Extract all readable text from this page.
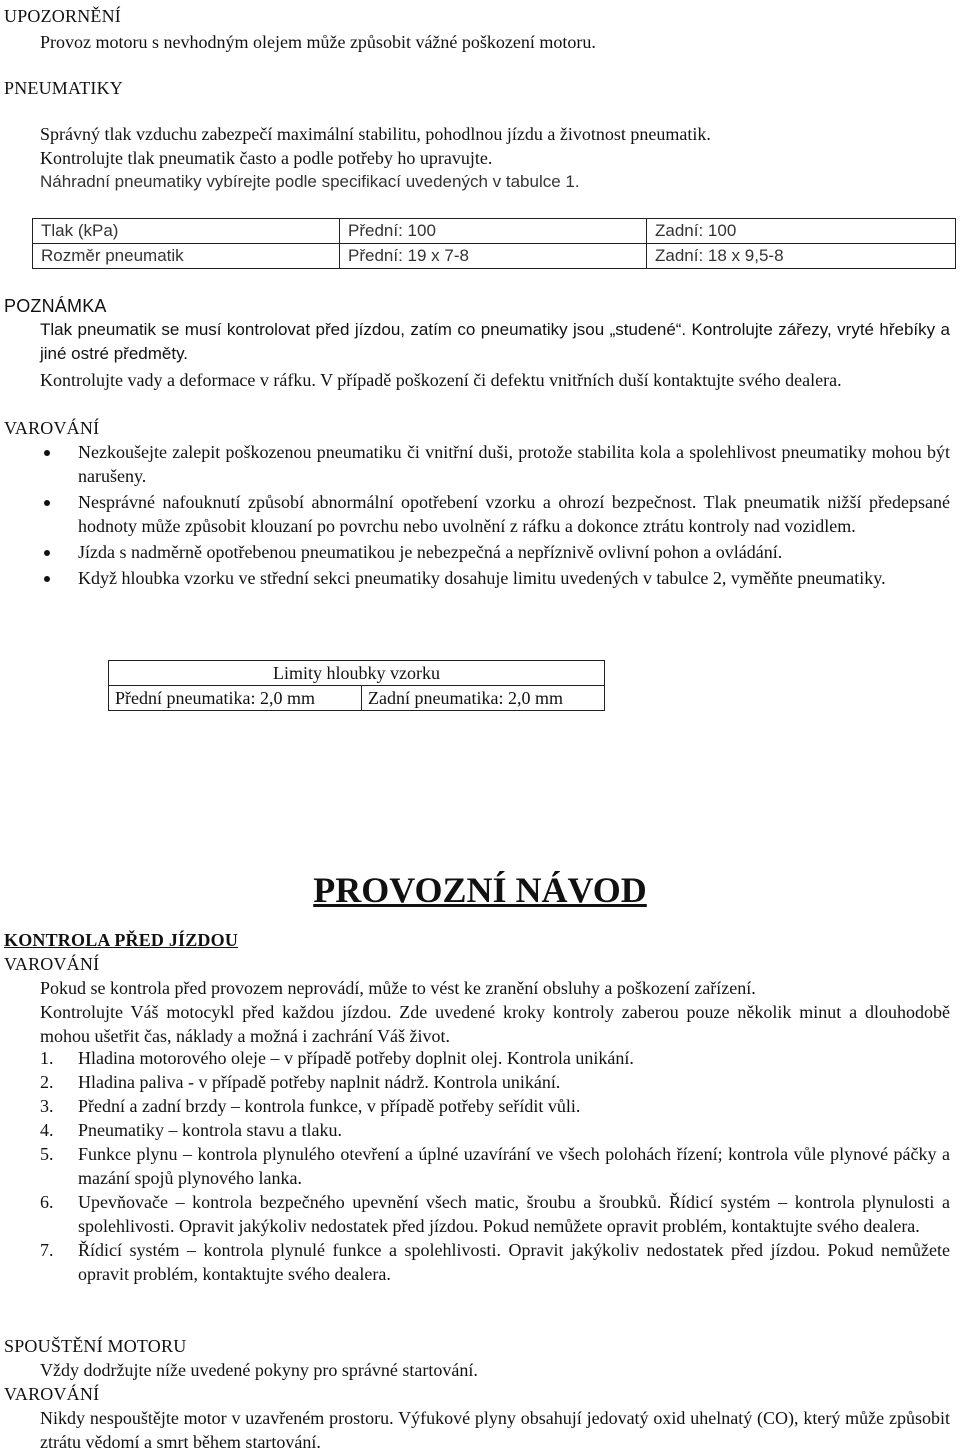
UPOZORNĚNÍ

Provoz motoru s nevhodným olejem může způsobit vážné poškození motoru.

PNEUMATIKY
Správný tlak vzduchu zabezpečí maximální stabilitu, pohodlnou jízdu a životnost pneumatik.
Kontrolujte tlak pneumatik často a podle potřeby ho upravujte.
Náhradní pneumatiky vybírejte podle specifikací uvedených v tabulce 1.
Tlak (kPa)	Přední: 100	Zadní: 100
Rozměr pneumatik	Přední: 19 x 7-8	Zadní: 18 x 9,5-8
POZNÁMKA

Tlak pneumatik se musí kontrolovat před jízdou, zatím co pneumatiky jsou „studené“. Kontrolujte zářezy, vryté hřebíky a jiné ostré předměty.

Kontrolujte vady a deformace v ráfku. V případě poškození či defektu vnitřních duší kontaktujte svého dealera.

VAROVÁNÍ
Nezkoušejte zalepit poškozenou pneumatiku či vnitřní duši, protože stabilita kola a spolehlivost pneumatiky mohou být narušeny.
Nesprávné nafouknutí způsobí abnormální opotřebení vzorku a ohrozí bezpečnost. Tlak pneumatik nižší předepsané hodnoty může způsobit klouzaní po povrchu nebo uvolnění z ráfku a dokonce ztrátu kontroly nad vozidlem.
Jízda s nadměrně opotřebenou pneumatikou je nebezpečná a nepříznivě ovlivní pohon a ovládání.
Když hloubka vzorku ve střední sekci pneumatiky dosahuje limitu uvedených v tabulce 2, vyměňte pneumatiky.
Limity hloubky vzorku
Přední pneumatika: 2,0 mm	Zadní pneumatika: 2,0 mm
PROVOZNÍ NÁVOD
KONTROLA PŘED JÍZDOU
VAROVÁNÍ

Pokud se kontrola před provozem neprovádí, může to vést ke zranění obsluhy a poškození zařízení.

Kontrolujte Váš motocykl před každou jízdou. Zde uvedené kroky kontroly zaberou pouze několik minut a dlouhodobě mohou ušetřit čas, náklady a možná i zachrání Váš život.

1. Hladina motorového oleje – v případě potřeby doplnit olej. Kontrola unikání.
2. Hladina paliva - v případě potřeby naplnit nádrž. Kontrola unikání.
3. Přední a zadní brzdy – kontrola funkce, v případě potřeby seřídit vůli.
4. Pneumatiky – kontrola stavu a tlaku.
5. Funkce plynu – kontrola plynulého otevření a úplné uzavírání ve všech polohách řízení; kontrola vůle plynové páčky a mazání spojů plynového lanka.
6. Upevňovače – kontrola bezpečného upevnění všech matic, šroubu a šroubků. Řídicí systém – kontrola plynulosti a spolehlivosti. Opravit jakýkoliv nedostatek před jízdou. Pokud nemůžete opravit problém, kontaktujte svého dealera.
7. Řídicí systém – kontrola plynulé funkce a spolehlivosti. Opravit jakýkoliv nedostatek před jízdou. Pokud nemůžete opravit problém, kontaktujte svého dealera.
SPOUŠTĚNÍ MOTORU

Vždy dodržujte níže uvedené pokyny pro správné startování.

VAROVÁNÍ

Nikdy nespouštějte motor v uzavřeném prostoru. Výfukové plyny obsahují jedovatý oxid uhelnatý (CO), který může způsobit ztrátu vědomí a smrt během startování.
